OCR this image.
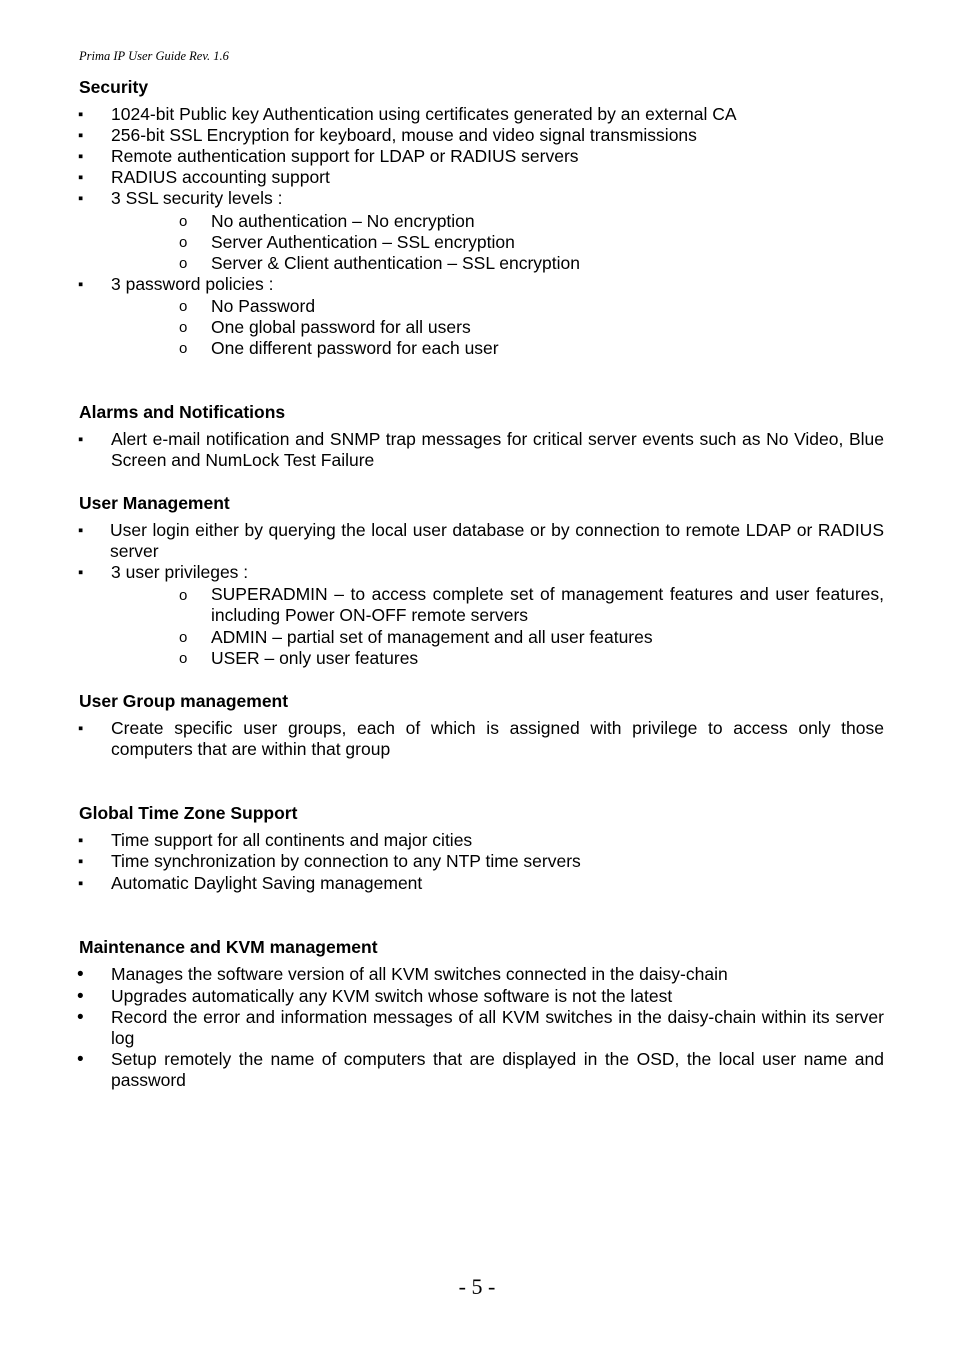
Prima IP User Guide Rev. 1.6
Security
▪ 1024-bit Public key Authentication using certificates generated by an external CA
▪ 256-bit SSL Encryption for keyboard, mouse and video signal transmissions
▪ Remote authentication support for LDAP or RADIUS servers
▪ RADIUS accounting support
▪ 3 SSL security levels :
o No authentication – No encryption
o Server Authentication – SSL encryption
o Server & Client authentication – SSL encryption
▪ 3 password policies :
o No Password
o One global password for all users
o One different password for each user
Alarms and Notifications
▪ Alert e-mail notification and SNMP trap messages for critical server events such as No Video, Blue Screen and NumLock Test Failure
User Management
▪ User login either by querying the local user database or by connection to remote LDAP or RADIUS server
▪ 3 user privileges :
o SUPERADMIN – to access complete set of management features and user features, including Power ON-OFF remote servers
o ADMIN – partial set of management and all user features
o USER – only user features
User Group management
▪ Create specific user groups, each of which is assigned with privilege to access only those computers that are within that group
Global Time Zone Support
▪ Time support for all continents and major cities
▪ Time synchronization by connection to any NTP time servers
▪ Automatic Daylight Saving management
Maintenance and KVM management
• Manages the software version of all KVM switches connected in the daisy-chain
• Upgrades automatically any KVM switch whose software is not the latest
• Record the error and information messages of all KVM switches in the daisy-chain within its server log
• Setup remotely the name of computers that are displayed in the OSD, the local user name and password
- 5 -
